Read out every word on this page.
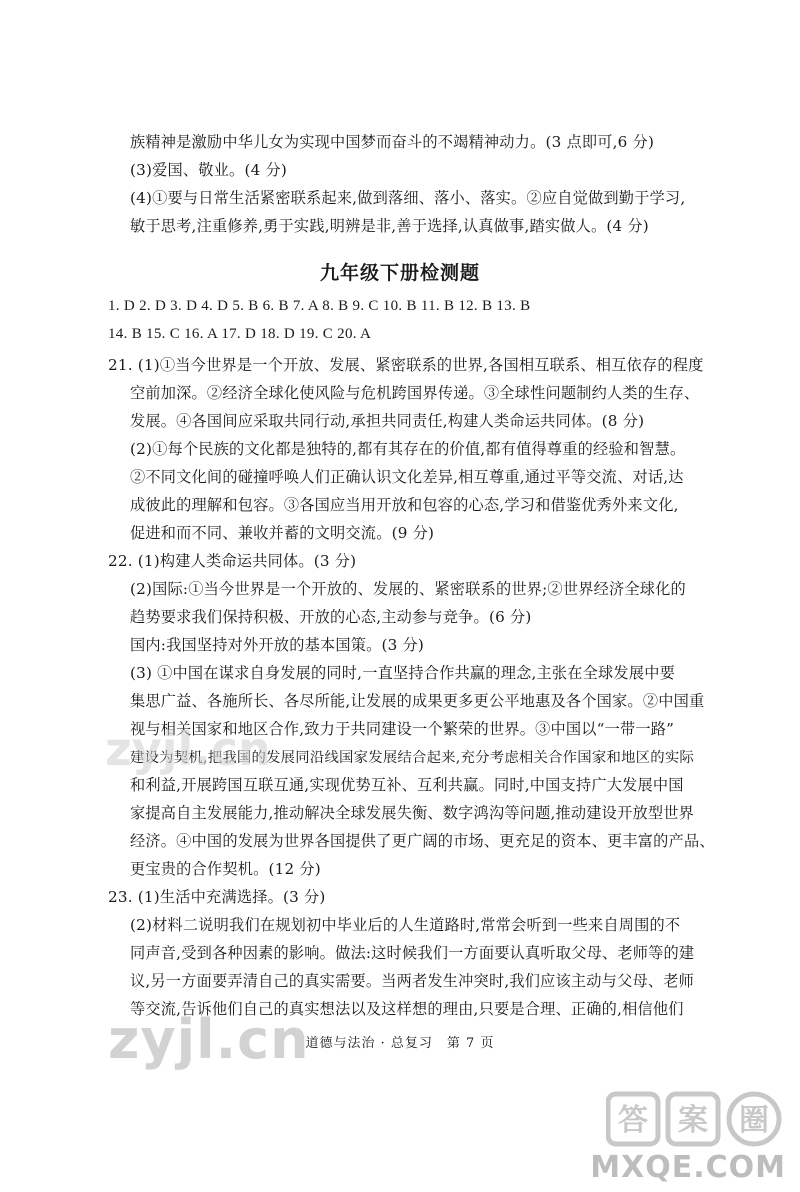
族精神是激励中华儿女为实现中国梦而奋斗的不竭精神动力。(3 点即可,6 分)
(3)爱国、敬业。(4 分)
(4)①要与日常生活紧密联系起来,做到落细、落小、落实。②应自觉做到勤于学习,
敏于思考,注重修养,勇于实践,明辨是非,善于选择,认真做事,踏实做人。(4 分)
九年级下册检测题
1. D 2. D 3. D 4. D 5. B 6. B 7. A 8. B 9. C 10. B 11. B 12. B 13. B
14. B 15. C 16. A 17. D 18. D 19. C 20. A
21. (1)①当今世界是一个开放、发展、紧密联系的世界,各国相互联系、相互依存的程度
空前加深。②经济全球化使风险与危机跨国界传递。③全球性问题制约人类的生存、
发展。④各国间应采取共同行动,承担共同责任,构建人类命运共同体。(8 分)
(2)①每个民族的文化都是独特的,都有其存在的价值,都有值得尊重的经验和智慧。
②不同文化间的碰撞呼唤人们正确认识文化差异,相互尊重,通过平等交流、对话,达
成彼此的理解和包容。③各国应当用开放和包容的心态,学习和借鉴优秀外来文化,
促进和而不同、兼收并蓄的文明交流。(9 分)
22. (1)构建人类命运共同体。(3 分)
(2)国际:①当今世界是一个开放的、发展的、紧密联系的世界;②世界经济全球化的
趋势要求我们保持积极、开放的心态,主动参与竞争。(6 分)
国内:我国坚持对外开放的基本国策。(3 分)
(3) ①中国在谋求自身发展的同时,一直坚持合作共赢的理念,主张在全球发展中要
集思广益、各施所长、各尽所能,让发展的成果更多更公平地惠及各个国家。②中国重
视与相关国家和地区合作,致力于共同建设一个繁荣的世界。③中国以“一带一路”
建设为契机,把我国的发展同沿线国家发展结合起来,充分考虑相关合作国家和地区的实际
和利益,开展跨国互联互通,实现优势互补、互利共赢。同时,中国支持广大发展中国
家提高自主发展能力,推动解决全球发展失衡、数字鸿沟等问题,推动建设开放型世界
经济。④中国的发展为世界各国提供了更广阔的市场、更充足的资本、更丰富的产品、
更宝贵的合作契机。(12 分)
23. (1)生活中充满选择。(3 分)
(2)材料二说明我们在规划初中毕业后的人生道路时,常常会听到一些来自周围的不
同声音,受到各种因素的影响。做法:这时候我们一方面要认真听取父母、老师等的建
议,另一方面要弄清自己的真实需要。当两者发生冲突时,我们应该主动与父母、老师
等交流,告诉他们自己的真实想法以及这样想的理由,只要是合理、正确的,相信他们
道德与法治 · 总复习　第 7 页
zyjl.cn
zyjl.cn
答 案 圈
MXQE.COM
